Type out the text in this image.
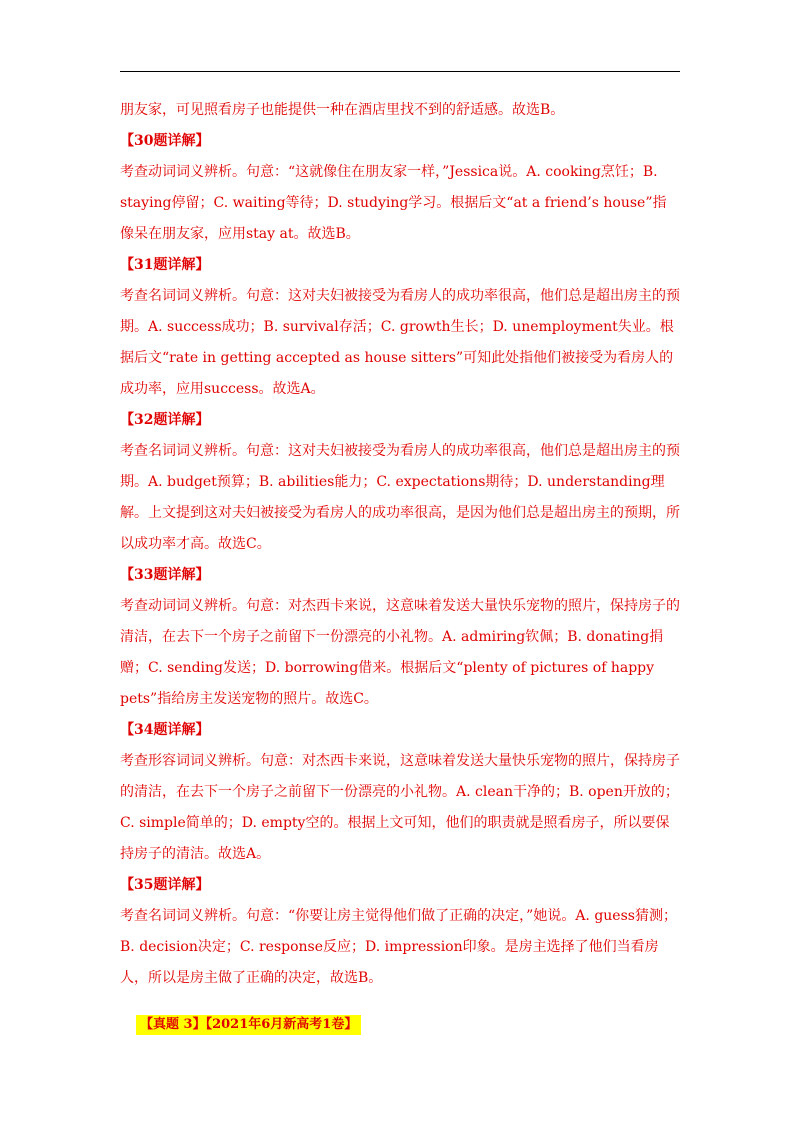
朋友家，可见照看房子也能提供一种在酒店里找不到的舒适感。故选B。

【30题详解】

考查动词词义辨析。句意：“这就像住在朋友家一样，”Jessica说。A. cooking烹饪；B. staying停留；C. waiting等待；D. studying学习。根据后文“at a friend’s house”指像呆在朋友家，应用stay at。故选B。

【31题详解】

考查名词词义辨析。句意：这对夫妇被接受为看房人的成功率很高，他们总是超出房主的预期。A. success成功；B. survival存活；C. growth生长；D. unemployment失业。根据后文“rate in getting accepted as house sitters”可知此处指他们被接受为看房人的成功率，应用success。故选A。

【32题详解】

考查名词词义辨析。句意：这对夫妇被接受为看房人的成功率很高，他们总是超出房主的预期。A. budget预算；B. abilities能力；C. expectations期待；D. understanding理解。上文提到这对夫妇被接受为看房人的成功率很高，是因为他们总是超出房主的预期，所以成功率才高。故选C。

【33题详解】

考查动词词义辨析。句意：对杰西卡来说，这意味着发送大量快乐宠物的照片，保持房子的清洁，在去下一个房子之前留下一份漂亮的小礼物。A. admiring钦佩；B. donating捐赠；C. sending发送；D. borrowing借来。根据后文“plenty of pictures of happy pets”指给房主发送宠物的照片。故选C。

【34题详解】

考查形容词词义辨析。句意：对杰西卡来说，这意味着发送大量快乐宠物的照片，保持房子的清洁，在去下一个房子之前留下一份漂亮的小礼物。A. clean干净的；B. open开放的；C. simple简单的；D. empty空的。根据上文可知，他们的职责就是照看房子，所以要保持房子的清洁。故选A。

【35题详解】

考查名词词义辨析。句意：“你要让房主觉得他们做了正确的决定，”她说。A. guess猜测；B. decision决定；C. response反应；D. impression印象。是房主选择了他们当看房人，所以是房主做了正确的决定，故选B。

【真题 3】【2021年6月新高考1卷】
